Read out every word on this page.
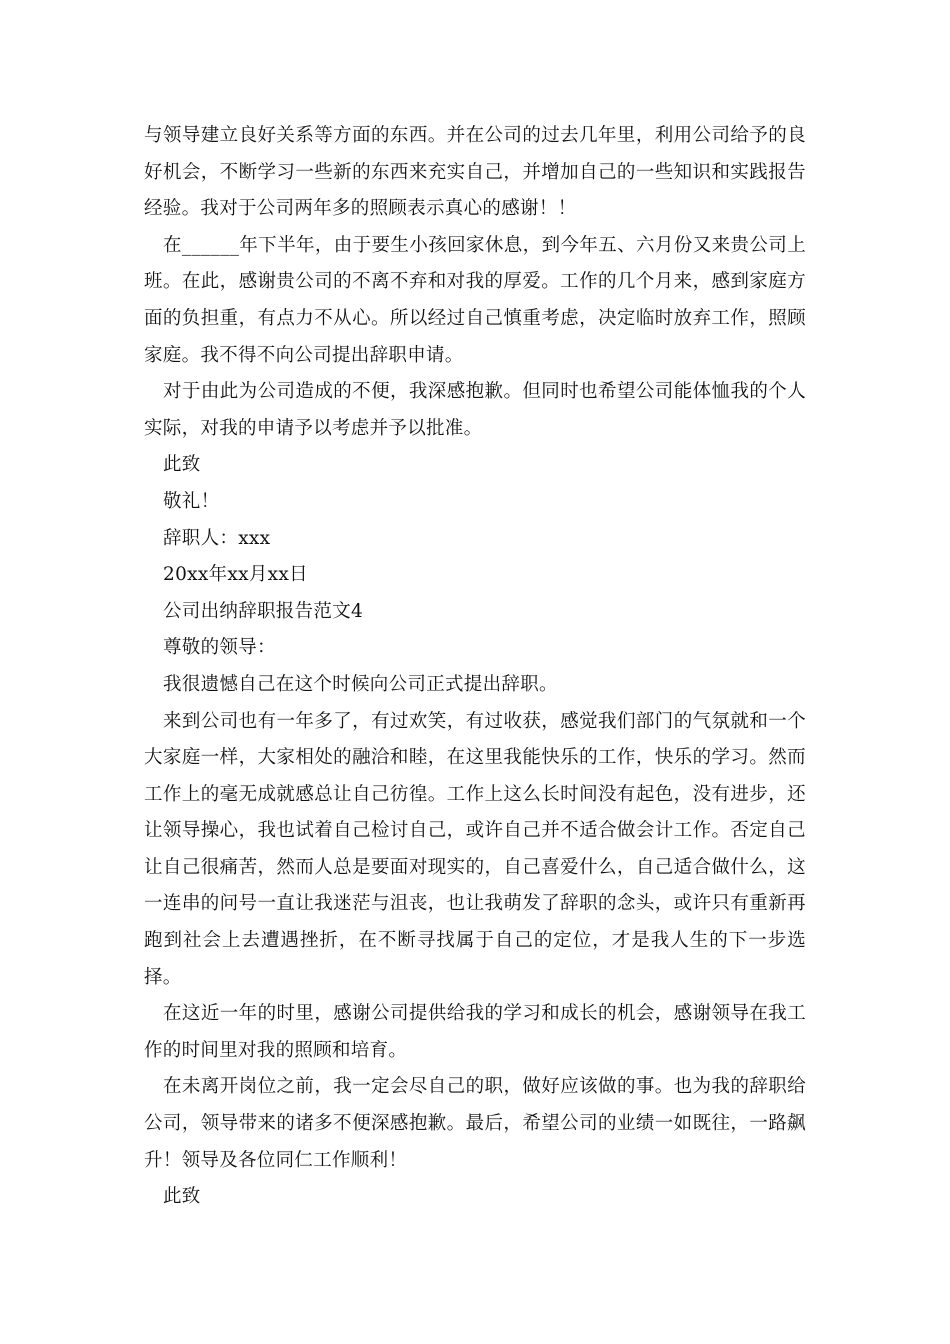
与领导建立良好关系等方面的东西。并在公司的过去几年里，利用公司给予的良好机会，不断学习一些新的东西来充实自己，并增加自己的一些知识和实践报告经验。我对于公司两年多的照顾表示真心的感谢！！

在______年下半年，由于要生小孩回家休息，到今年五、六月份又来贵公司上班。在此，感谢贵公司的不离不弃和对我的厚爱。工作的几个月来，感到家庭方面的负担重，有点力不从心。所以经过自己慎重考虑，决定临时放弃工作，照顾家庭。我不得不向公司提出辞职申请。

对于由此为公司造成的不便，我深感抱歉。但同时也希望公司能体恤我的个人实际，对我的申请予以考虑并予以批准。

此致

敬礼！

辞职人：xxx

20xx年xx月xx日

公司出纳辞职报告范文4

尊敬的领导：

我很遗憾自己在这个时候向公司正式提出辞职。

来到公司也有一年多了，有过欢笑，有过收获，感觉我们部门的气氛就和一个大家庭一样，大家相处的融洽和睦，在这里我能快乐的工作，快乐的学习。然而工作上的毫无成就感总让自己彷徨。工作上这么长时间没有起色，没有进步，还让领导操心，我也试着自己检讨自己，或许自己并不适合做会计工作。否定自己让自己很痛苦，然而人总是要面对现实的，自己喜爱什么，自己适合做什么，这一连串的问号一直让我迷茫与沮丧，也让我萌发了辞职的念头，或许只有重新再跑到社会上去遭遇挫折，在不断寻找属于自己的定位，才是我人生的下一步选择。

在这近一年的时里，感谢公司提供给我的学习和成长的机会，感谢领导在我工作的时间里对我的照顾和培育。

在未离开岗位之前，我一定会尽自己的职，做好应该做的事。也为我的辞职给公司，领导带来的诸多不便深感抱歉。最后，希望公司的业绩一如既往，一路飙升！领导及各位同仁工作顺利！

此致
